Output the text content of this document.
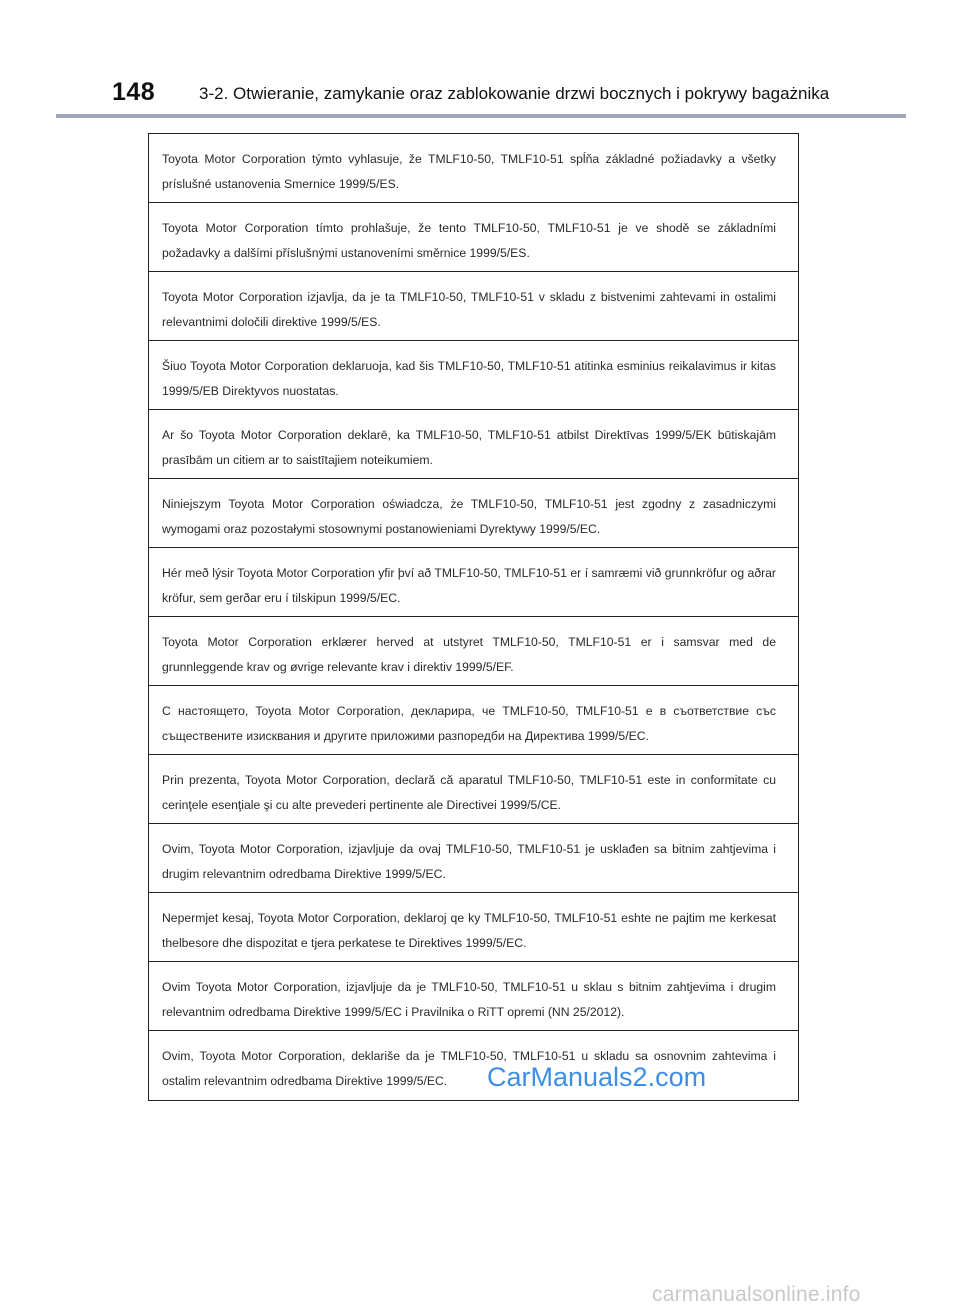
148	3-2. Otwieranie, zamykanie oraz zablokowanie drzwi bocznych i pokrywy bagażnika
Toyota Motor Corporation týmto vyhlasuje, že TMLF10-50, TMLF10-51 spĺňa základné požiadavky a všetky príslušné ustanovenia Smernice 1999/5/ES.
Toyota Motor Corporation tímto prohlašuje, že tento TMLF10-50, TMLF10-51 je ve shodě se základními požadavky a dalšími příslušnými ustanoveními směrnice 1999/5/ES.
Toyota Motor Corporation izjavlja, da je ta TMLF10-50, TMLF10-51 v skladu z bistvenimi zahtevami in ostalimi relevantnimi določili direktive 1999/5/ES.
Šiuo Toyota Motor Corporation deklaruoja, kad šis TMLF10-50, TMLF10-51 atitinka esminius reikalavimus ir kitas 1999/5/EB Direktyvos nuostatas.
Ar šo Toyota Motor Corporation deklarē, ka TMLF10-50, TMLF10-51 atbilst Direktīvas 1999/5/EK būtiskajām prasībām un citiem ar to saistītajiem noteikumiem.
Niniejszym Toyota Motor Corporation oświadcza, że TMLF10-50, TMLF10-51 jest zgodny z zasadniczymi wymogami oraz pozostałymi stosownymi postanowieniami Dyrektywy 1999/5/EC.
Hér með lýsir Toyota Motor Corporation yfir því að TMLF10-50, TMLF10-51 er í samræmi við grunnkröfur og aðrar kröfur, sem gerðar eru í tilskipun 1999/5/EC.
Toyota Motor Corporation erklærer herved at utstyret TMLF10-50, TMLF10-51 er i samsvar med de grunnleggende krav og øvrige relevante krav i direktiv 1999/5/EF.
С настоящето, Toyota Motor Corporation, декларира, че TMLF10-50, TMLF10-51 е в съответствие със съществените изисквания и другите приложими разпоредби на Директива 1999/5/EC.
Prin prezenta, Toyota Motor Corporation, declară că aparatul TMLF10-50, TMLF10-51 este in conformitate cu cerinţele esenţiale şi cu alte prevederi pertinente ale Directivei 1999/5/CE.
Ovim, Toyota Motor Corporation, izjavljuje da ovaj TMLF10-50, TMLF10-51 je usklađen sa bitnim zahtjevima i drugim relevantnim odredbama Direktive 1999/5/EC.
Nepermjet kesaj, Toyota Motor Corporation, deklaroj qe ky TMLF10-50, TMLF10-51 eshte ne pajtim me kerkesat thelbesore dhe dispozitat e tjera perkatese te Direktives 1999/5/EC.
Ovim Toyota Motor Corporation, izjavljuje da je TMLF10-50, TMLF10-51 u sklau s bitnim zahtjevima i drugim relevantnim odredbama Direktive 1999/5/EC i Pravilnika o RiTT opremi (NN 25/2012).
Ovim, Toyota Motor Corporation, deklariše da je TMLF10-50, TMLF10-51 u skladu sa osnovnim zahtevima i ostalim relevantnim odredbama Direktive 1999/5/EC.	CarManuals2.com
carmanualsonline.info
